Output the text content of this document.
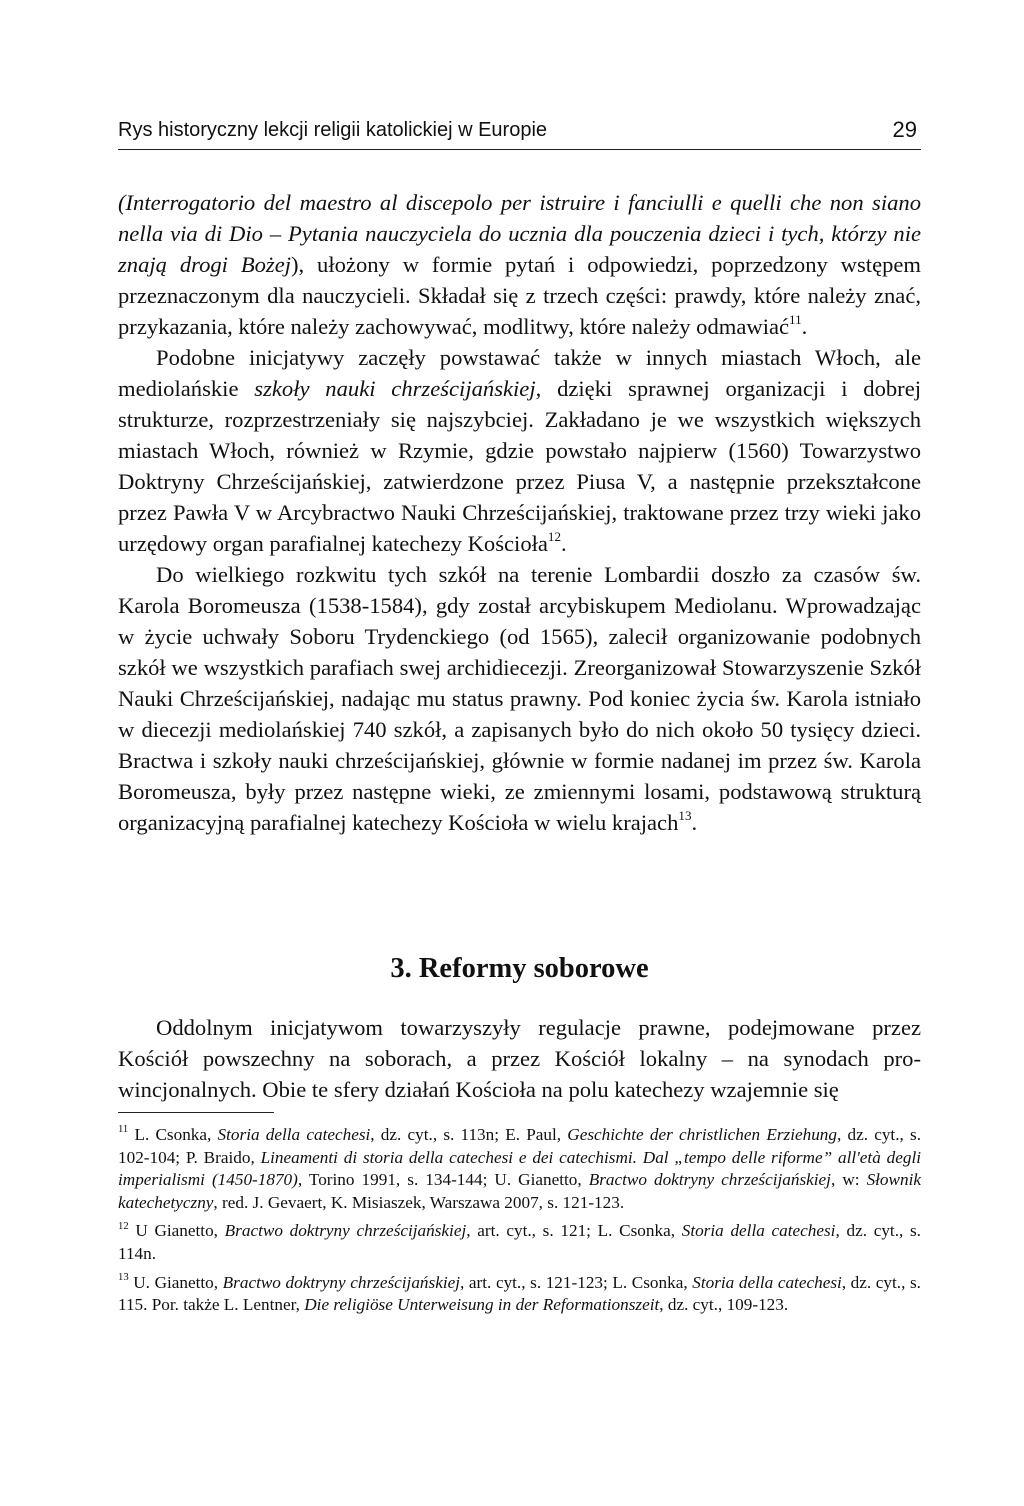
Rys historyczny lekcji religii katolickiej w Europie	29

(Interrogatorio del maestro al discepolo per istruire i fanciulli e quelli che non siano nella via di Dio – Pytania nauczyciela do ucznia dla pouczenia dzieci i tych, którzy nie znają drogi Bożej), ułożony w formie pytań i odpowiedzi, poprzedzony wstępem przeznaczonym dla nauczycieli. Składał się z trzech części: prawdy, które należy znać, przykazania, które należy zachowywać, modlitwy, które należy odmawiać$^{11}$.

Podobne inicjatywy zaczęły powstawać także w innych miastach Włoch, ale mediolańskie szkoły nauki chrześcijańskiej, dzięki sprawnej organizacji i dobrej strukturze, rozprzestrzeniały się najszybciej. Zakładano je we wszystkich większych miastach Włoch, również w Rzymie, gdzie powstało najpierw (1560) Towarzystwo Doktryny Chrześcijańskiej, zatwierdzone przez Piusa V, a następnie przekształcone przez Pawła V w Arcybractwo Nauki Chrześcijańskiej, traktowane przez trzy wieki jako urzędowy organ parafialnej katechezy Kościoła$^{12}$.

Do wielkiego rozkwitu tych szkół na terenie Lombardii doszło za czasów św. Karola Boromeusza (1538-1584), gdy został arcybiskupem Mediolanu. Wprowadzając w życie uchwały Soboru Trydenckiego (od 1565), zalecił organizowanie podobnych szkół we wszystkich parafiach swej archidiecezji. Zreorganizował Stowarzyszenie Szkół Nauki Chrześcijańskiej, nadając mu status prawny. Pod koniec życia św. Karola istniało w diecezji mediolańskiej 740 szkół, a zapisanych było do nich około 50 tysięcy dzieci. Bractwa i szkoły nauki chrześcijańskiej, głównie w formie nadanej im przez św. Karola Boromeusza, były przez następne wieki, ze zmiennymi losami, podstawową strukturą organizacyjną parafialnej katechezy Kościoła w wielu krajach$^{13}$.

3. Reformy soborowe

Oddolnym inicjatywom towarzyszyły regulacje prawne, podejmowane przez Kościół powszechny na soborach, a przez Kościół lokalny – na synodach prowincjonalnych. Obie te sfery działań Kościoła na polu katechezy wzajemnie się

$^{11}$ L. Csonka, Storia della catechesi, dz. cyt., s. 113n; E. Paul, Geschichte der christlichen Erziehung, dz. cyt., s. 102-104; P. Braido, Lineamenti di storia della catechesi e dei catechismi. Dal „tempo delle riforme” all'età degli imperialismi (1450-1870), Torino 1991, s. 134-144; U. Gianetto, Bractwo doktryny chrześcijańskiej, w: Słownik katechetyczny, red. J. Gevaert, K. Misiaszek, Warszawa 2007, s. 121-123.

$^{12}$ U Gianetto, Bractwo doktryny chrześcijańskiej, art. cyt., s. 121; L. Csonka, Storia della catechesi, dz. cyt., s. 114n.

$^{13}$ U. Gianetto, Bractwo doktryny chrześcijańskiej, art. cyt., s. 121-123; L. Csonka, Storia della catechesi, dz. cyt., s. 115. Por. także L. Lentner, Die religiöse Unterweisung in der Reformationszeit, dz. cyt., 109-123.
